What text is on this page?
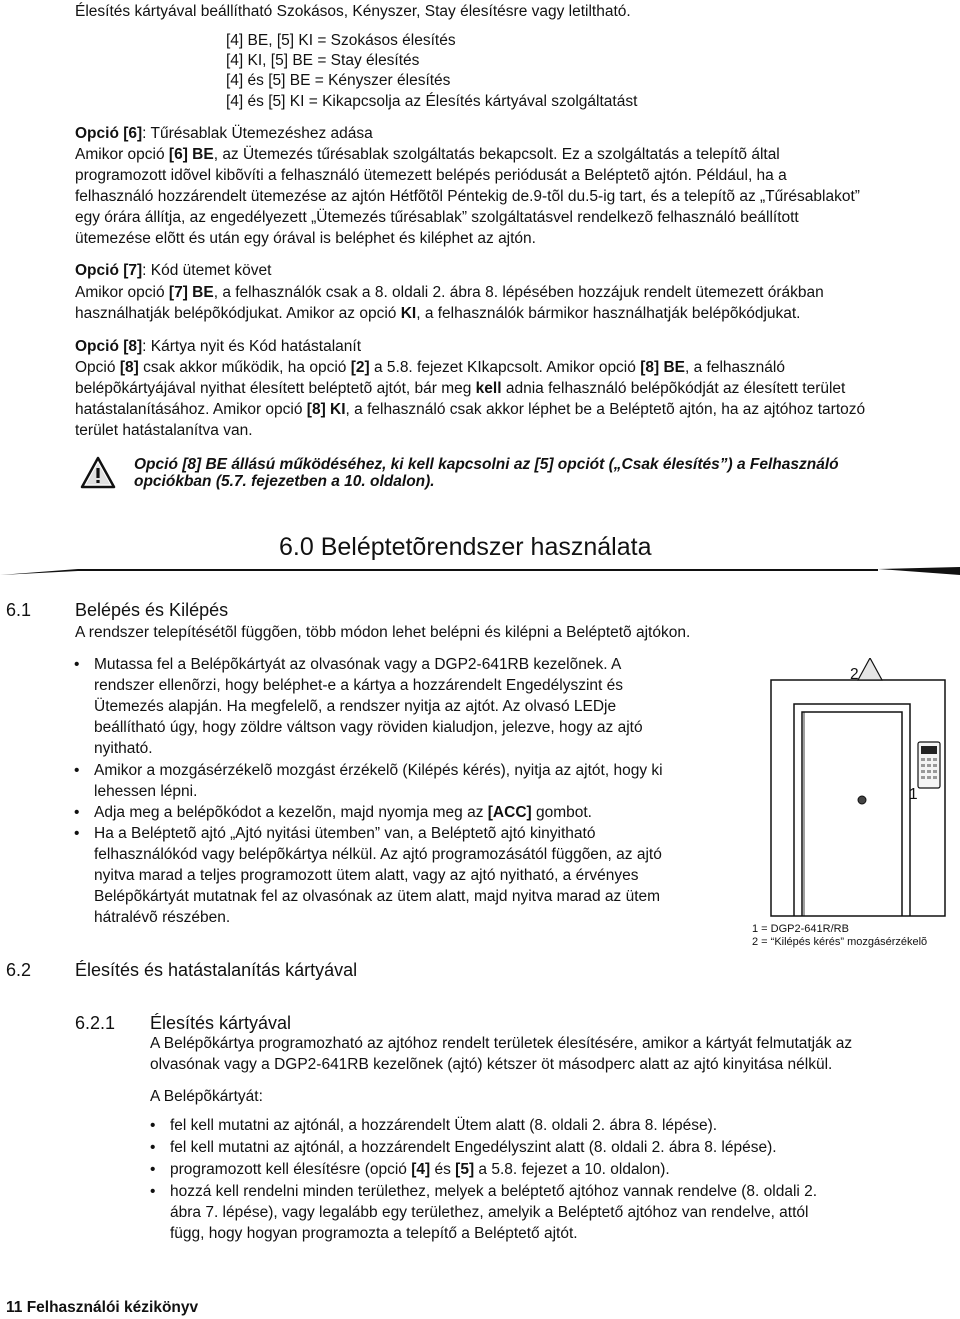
Élesítés kártyával beállítható Szokásos, Kényszer, Stay élesítésre vagy letiltható.
[4] BE, [5] KI = Szokásos élesítés
[4] KI, [5] BE = Stay élesítés
[4] és [5] BE = Kényszer élesítés
[4] és [5] KI = Kikapcsolja az Élesítés kártyával szolgáltatást
Opció [6]: Tűrésablak Ütemezéshez adása
Amikor opció [6] BE, az Ütemezés tűrésablak szolgáltatás bekapcsolt. Ez a szolgáltatás a telepítõ által
programozott idõvel kibõvíti a felhasználó ütemezett belépés periódusát a Beléptetõ ajtón. Például, ha a
felhasználó hozzárendelt ütemezése az ajtón Hétfõtõl Péntekig de.9-tõl du.5-ig tart, és a telepítõ az „Tűrésablakot”
egy órára állítja, az engedélyezett „Ütemezés tűrésablak” szolgáltatásvel rendelkezõ felhasználó beállított
ütemezése elõtt és után egy órával is beléphet és kiléphet az ajtón.
Opció [7]: Kód ütemet követ
Amikor opció [7] BE, a felhasználók csak a 8. oldali 2. ábra 8. lépésében hozzájuk rendelt ütemezett órákban
használhatják belépõkódjukat. Amikor az opció KI, a felhasználók bármikor használhatják belépõkódjukat.
Opció [8]: Kártya nyit és Kód hatástalanít
Opció [8] csak akkor működik, ha opció [2] a 5.8. fejezet KIkapcsolt. Amikor opció [8] BE, a felhasználó
belépõkártyájával nyithat élesített beléptetõ ajtót, bár meg kell adnia felhasználó belépõkódját az élesített terület
hatástalanításához. Amikor opció [8] KI, a felhasználó csak akkor léphet be a Beléptetõ ajtón, ha az ajtóhoz tartozó
terület hatástalanítva van.
Opció [8] BE állású működéséhez, ki kell kapcsolni az [5] opciót („Csak élesítés”) a Felhasználó
opciókban (5.7. fejezetben a 10. oldalon).
6.0 Beléptetõrendszer használata
6.1 Belépés és Kilépés
A rendszer telepítésétõl függõen, több módon lehet belépni és kilépni a Beléptetõ ajtókon.
• Mutassa fel a Belépõkártyát az olvasónak vagy a DGP2-641RB kezelõnek. A
rendszer ellenõrzi, hogy beléphet-e a kártya a hozzárendelt Engedélyszint és
Ütemezés alapján. Ha megfelelõ, a rendszer nyitja az ajtót. Az olvasó LEDje
beállítható úgy, hogy zöldre váltson vagy röviden kialudjon, jelezve, hogy az ajtó
nyitható.
• Amikor a mozgásérzékelõ mozgást érzékelõ (Kilépés kérés), nyitja az ajtót, hogy ki
lehessen lépni.
• Adja meg a belépõkódot a kezelõn, majd nyomja meg az [ACC] gombot.
• Ha a Beléptetõ ajtó „Ajtó nyitási ütemben” van, a Beléptetõ ajtó kinyitható
felhasználókód vagy belépõkártya nélkül. Az ajtó programozásától függõen, az ajtó
nyitva marad a teljes programozott ütem alatt, vagy az ajtó nyitható, a érvényes
Belépõkártyát mutatnak fel az olvasónak az ütem alatt, majd nyitva marad az ütem
hátralévõ részében.
2
1
1 = DGP2-641R/RB
2 = “Kilépés kérés” mozgásérzékelõ
6.2 Élesítés és hatástalanítás kártyával
6.2.1 Élesítés kártyával
A Belépõkártya programozható az ajtóhoz rendelt területek élesítésére, amikor a kártyát felmutatják az
olvasónak vagy a DGP2-641RB kezelõnek (ajtó) kétszer öt másodperc alatt az ajtó kinyitása nélkül.
A Belépõkártyát:
• fel kell mutatni az ajtónál, a hozzárendelt Ütem alatt (8. oldali 2. ábra 8. lépése).
• fel kell mutatni az ajtónál, a hozzárendelt Engedélyszint alatt (8. oldali 2. ábra 8. lépése).
• programozott kell élesítésre (opció [4] és [5] a 5.8. fejezet a 10. oldalon).
• hozzá kell rendelni minden területhez, melyek a beléptető ajtóhoz vannak rendelve (8. oldali 2.
ábra 7. lépése), vagy legalább egy területhez, amelyik a Beléptető ajtóhoz van rendelve, attól
függ, hogy hogyan programozta a telepítő a Beléptető ajtót.
11 Felhasználói kézikönyv
